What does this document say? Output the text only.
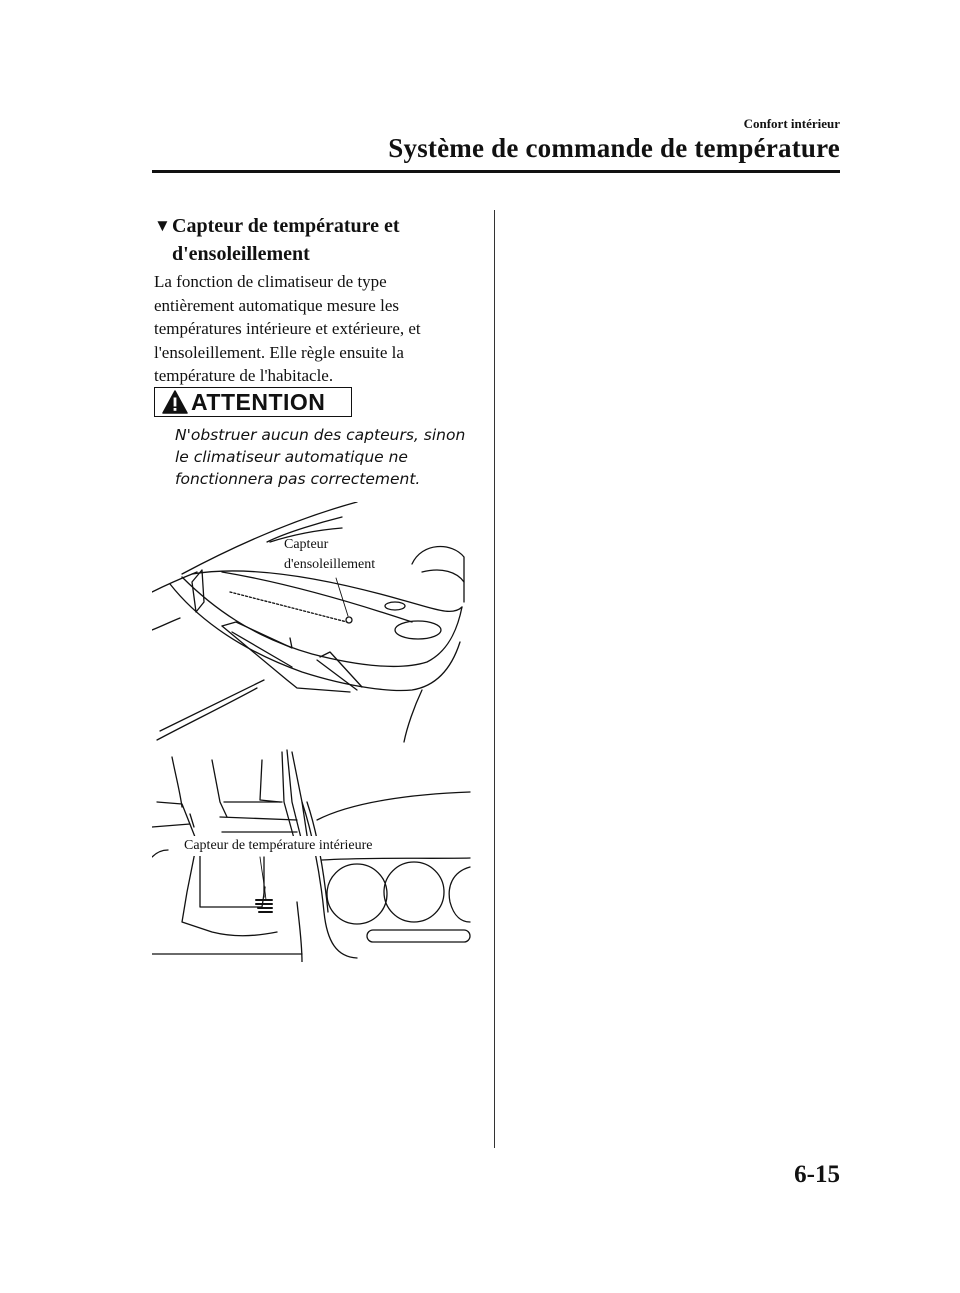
Confort intérieur
Système de commande de température
▼Capteur de température et
d'ensoleillement
La fonction de climatiseur de type
entièrement automatique mesure les
températures intérieure et extérieure, et
l'ensoleillement. Elle règle ensuite la
température de l'habitacle.
ATTENTION
N'obstruer aucun des capteurs, sinon
le climatiseur automatique ne
fonctionnera pas correctement.
Capteur
d'ensoleillement
Capteur de température intérieure
6-15
